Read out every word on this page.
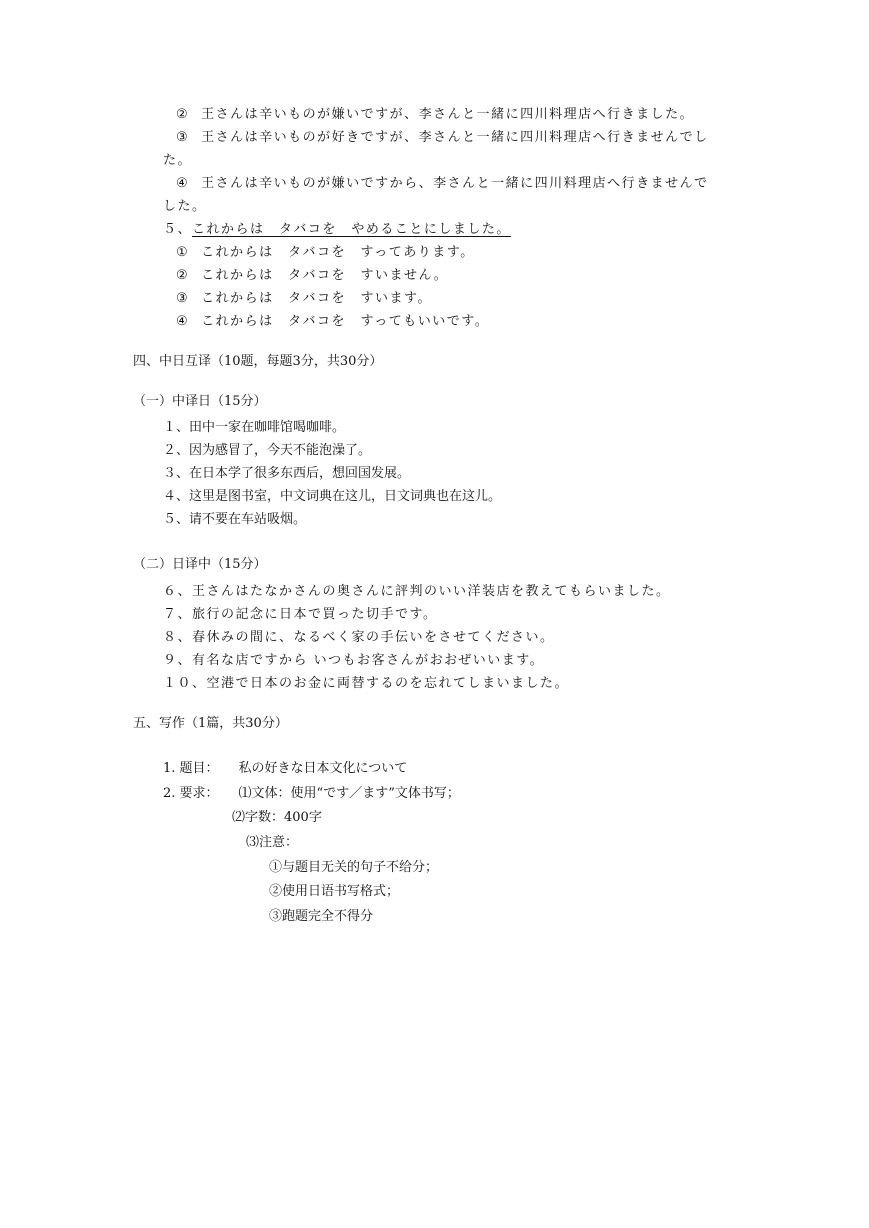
② 王さんは辛いものが嫌いですが、李さんと一緒に四川料理店へ行きました。
③ 王さんは辛いものが好きですが、李さんと一緒に四川料理店へ行きませんでし
た。
④ 王さんは辛いものが嫌いですから、李さんと一緒に四川料理店へ行きませんで
した。
５、これからは　タバコを　やめることにしました。
① これからは　タバコを　すってあります。
② これからは　タバコを　すいません。
③ これからは　タバコを　すいます。
④ これからは　タバコを　すってもいいです。
四、中日互译（10题，每题3分，共30分）
（一）中译日（15分）
１、田中一家在咖啡馆喝咖啡。
２、因为感冒了，今天不能泡澡了。
３、在日本学了很多东西后，想回国发展。
４、这里是图书室，中文词典在这儿，日文词典也在这儿。
５、请不要在车站吸烟。
（二）日译中（15分）
６、王さんはたなかさんの奥さんに評判のいい洋装店を教えてもらいました。
７、旅行の記念に日本で買った切手です。
８、春休みの間に、なるべく家の手伝いをさせてください。
９、有名な店ですから いつもお客さんがおおぜいいます。
１０、空港で日本のお金に両替するのを忘れてしまいました。
五、写作（1篇，共30分）
1. 题目： 私の好きな日本文化について
2. 要求： ⑴文体：使用“です／ます”文体书写；
⑵字数：400字
⑶注意：
①与题目无关的句子不给分；
②使用日语书写格式；
③跑题完全不得分
